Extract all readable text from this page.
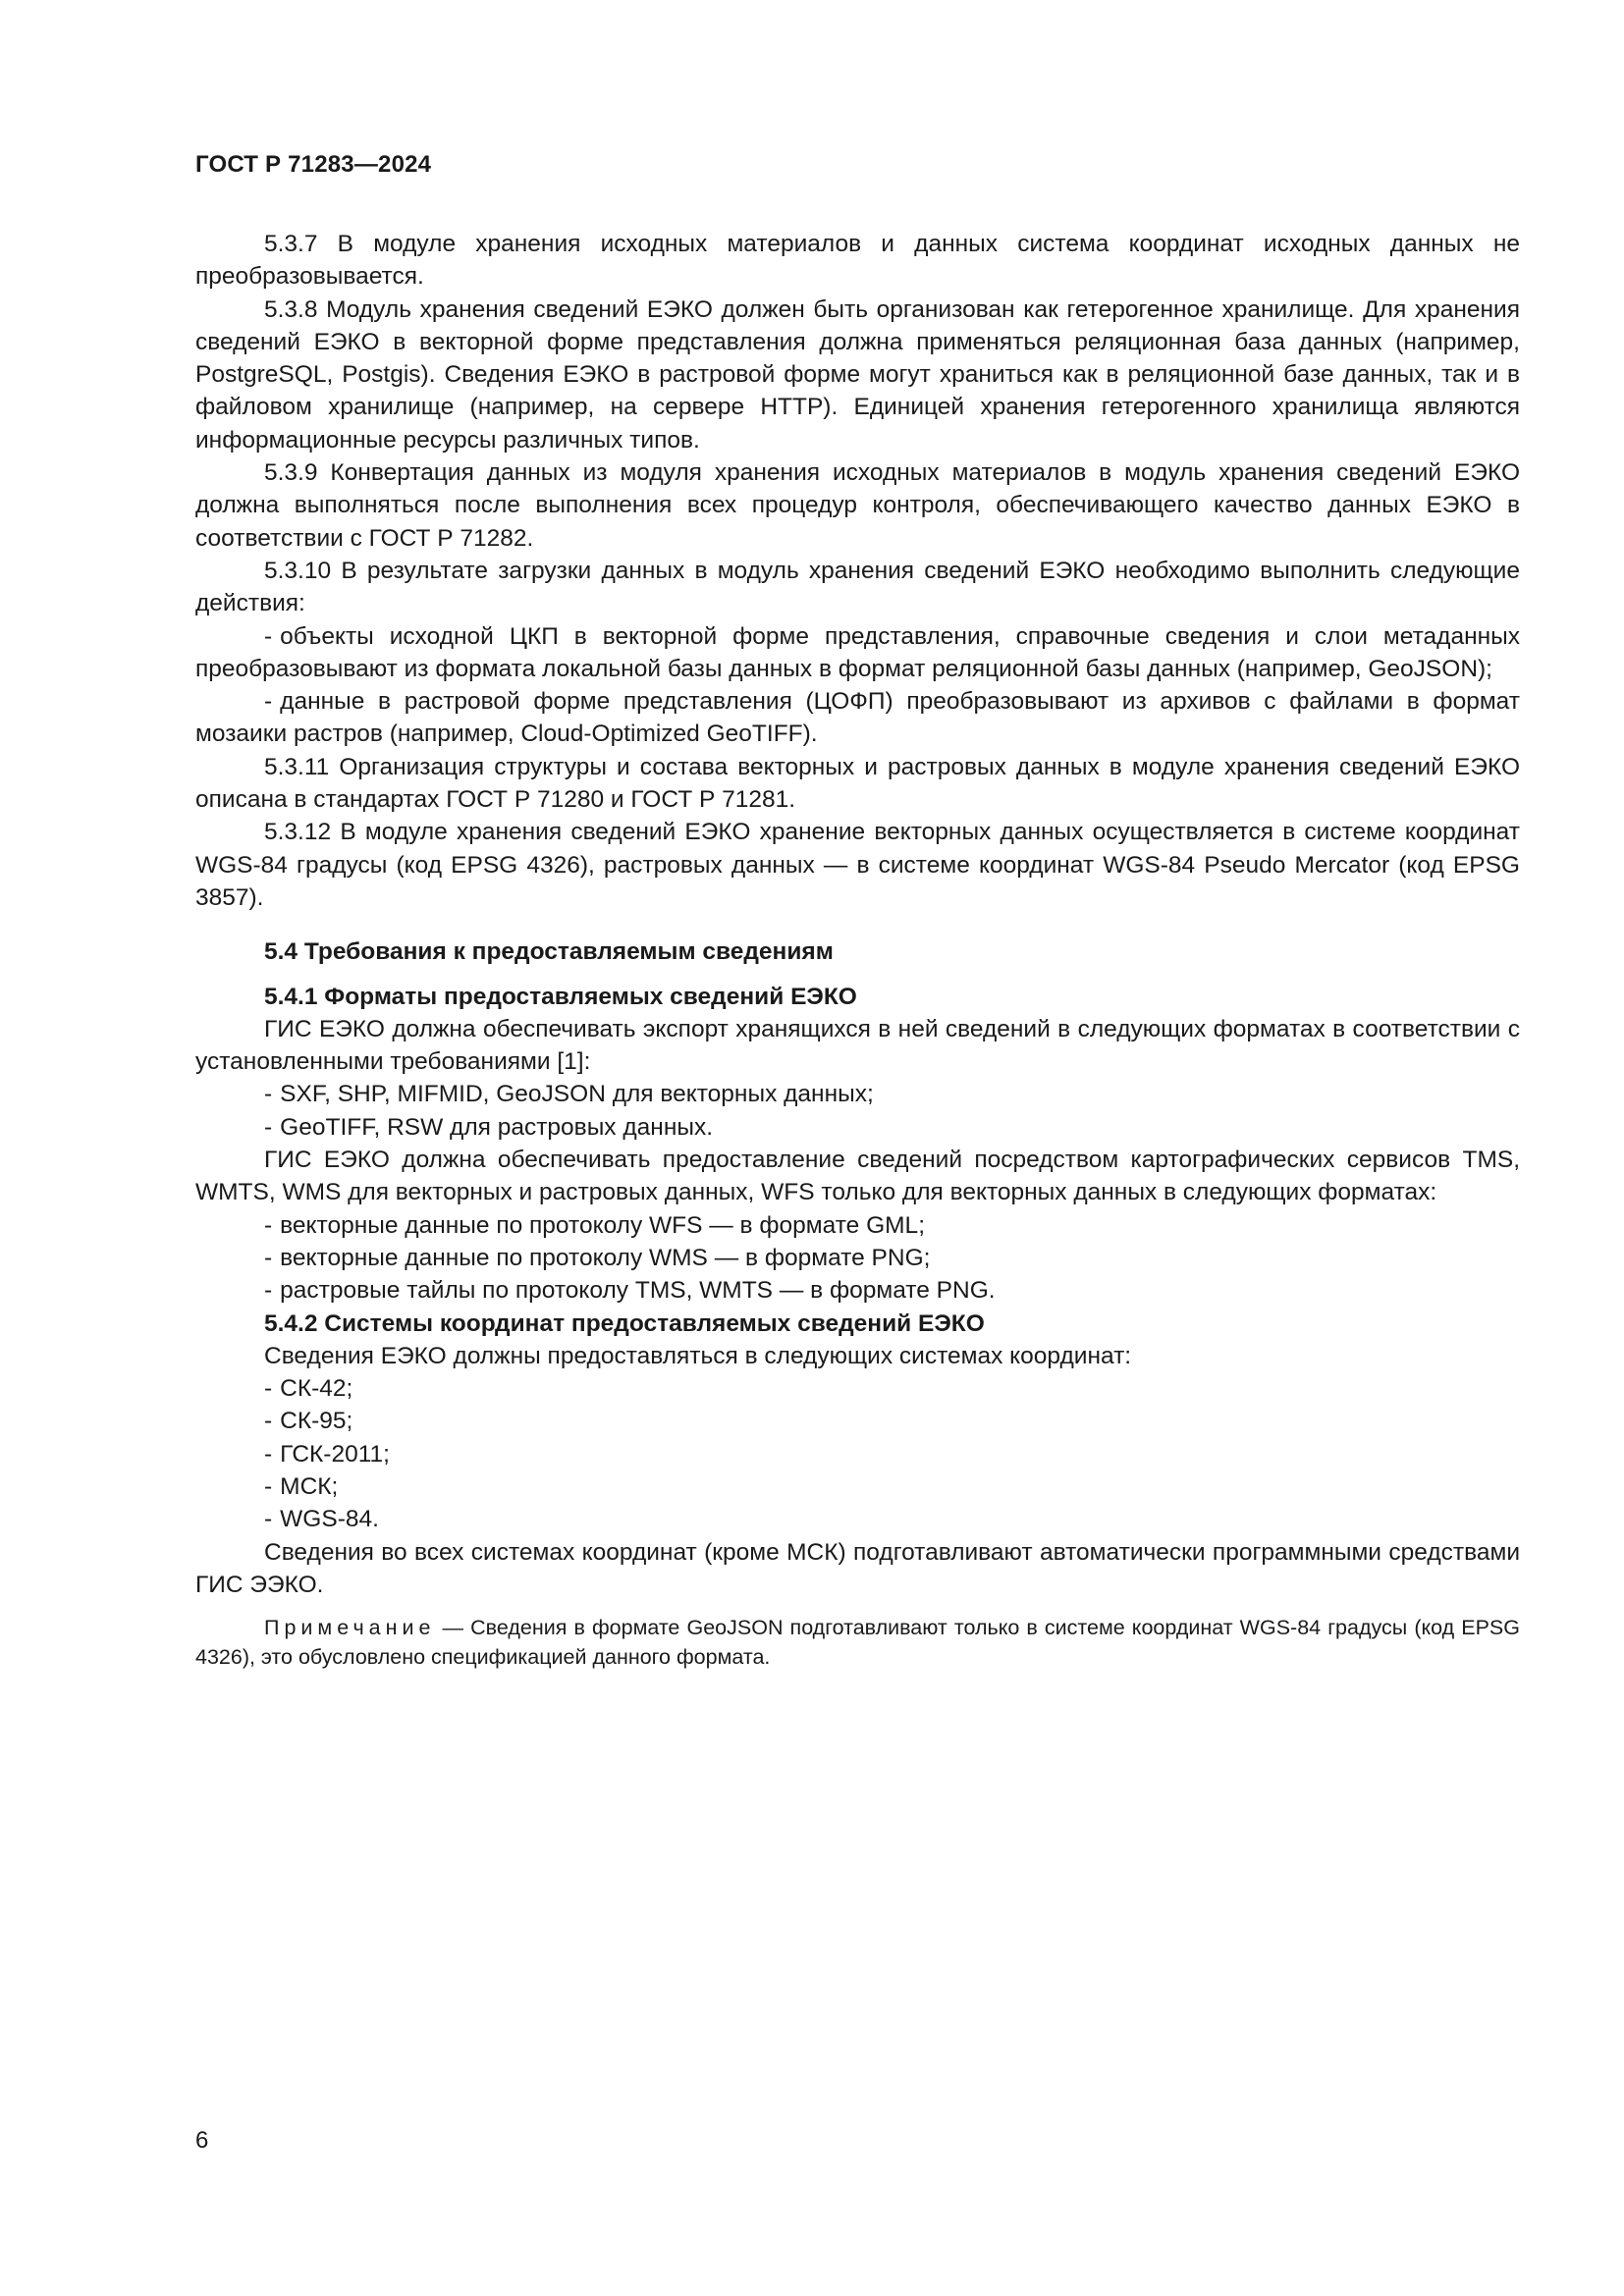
ГОСТ Р 71283—2024

5.3.7 В модуле хранения исходных материалов и данных система координат исходных данных не преобразовывается.

5.3.8 Модуль хранения сведений ЕЭКО должен быть организован как гетерогенное хранилище. Для хранения сведений ЕЭКО в векторной форме представления должна применяться реляционная база данных (например, PostgreSQL, Postgis). Сведения ЕЭКО в растровой форме могут храниться как в реляционной базе данных, так и в файловом хранилище (например, на сервере HTTP). Единицей хранения гетерогенного хранилища являются информационные ресурсы различных типов.

5.3.9 Конвертация данных из модуля хранения исходных материалов в модуль хранения сведений ЕЭКО должна выполняться после выполнения всех процедур контроля, обеспечивающего качество данных ЕЭКО в соответствии с ГОСТ Р 71282.

5.3.10 В результате загрузки данных в модуль хранения сведений ЕЭКО необходимо выполнить следующие действия:

- объекты исходной ЦКП в векторной форме представления, справочные сведения и слои метаданных преобразовывают из формата локальной базы данных в формат реляционной базы данных (например, GeoJSON);

- данные в растровой форме представления (ЦОФП) преобразовывают из архивов с файлами в формат мозаики растров (например, Cloud-Optimized GeoTIFF).

5.3.11 Организация структуры и состава векторных и растровых данных в модуле хранения сведений ЕЭКО описана в стандартах ГОСТ Р 71280 и ГОСТ Р 71281.

5.3.12 В модуле хранения сведений ЕЭКО хранение векторных данных осуществляется в системе координат WGS-84 градусы (код EPSG 4326), растровых данных — в системе координат WGS-84 Pseudo Mercator (код EPSG 3857).

5.4 Требования к предоставляемым сведениям

5.4.1 Форматы предоставляемых сведений ЕЭКО

ГИС ЕЭКО должна обеспечивать экспорт хранящихся в ней сведений в следующих форматах в соответствии с установленными требованиями [1]:

- SXF, SHP, MIFMID, GeoJSON для векторных данных;

- GeoTIFF, RSW для растровых данных.

ГИС ЕЭКО должна обеспечивать предоставление сведений посредством картографических сервисов TMS, WMTS, WMS для векторных и растровых данных, WFS только для векторных данных в следующих форматах:

- векторные данные по протоколу WFS — в формате GML;

- векторные данные по протоколу WMS — в формате PNG;

- растровые тайлы по протоколу TMS, WMTS — в формате PNG.

5.4.2 Системы координат предоставляемых сведений ЕЭКО

Сведения ЕЭКО должны предоставляться в следующих системах координат:

- СК-42;

- СК-95;

- ГСК-2011;

- МСК;

- WGS-84.

Сведения во всех системах координат (кроме МСК) подготавливают автоматически программными средствами ГИС ЭЭКО.

Примечание — Сведения в формате GeoJSON подготавливают только в системе координат WGS-84 градусы (код EPSG 4326), это обусловлено спецификацией данного формата.

6
